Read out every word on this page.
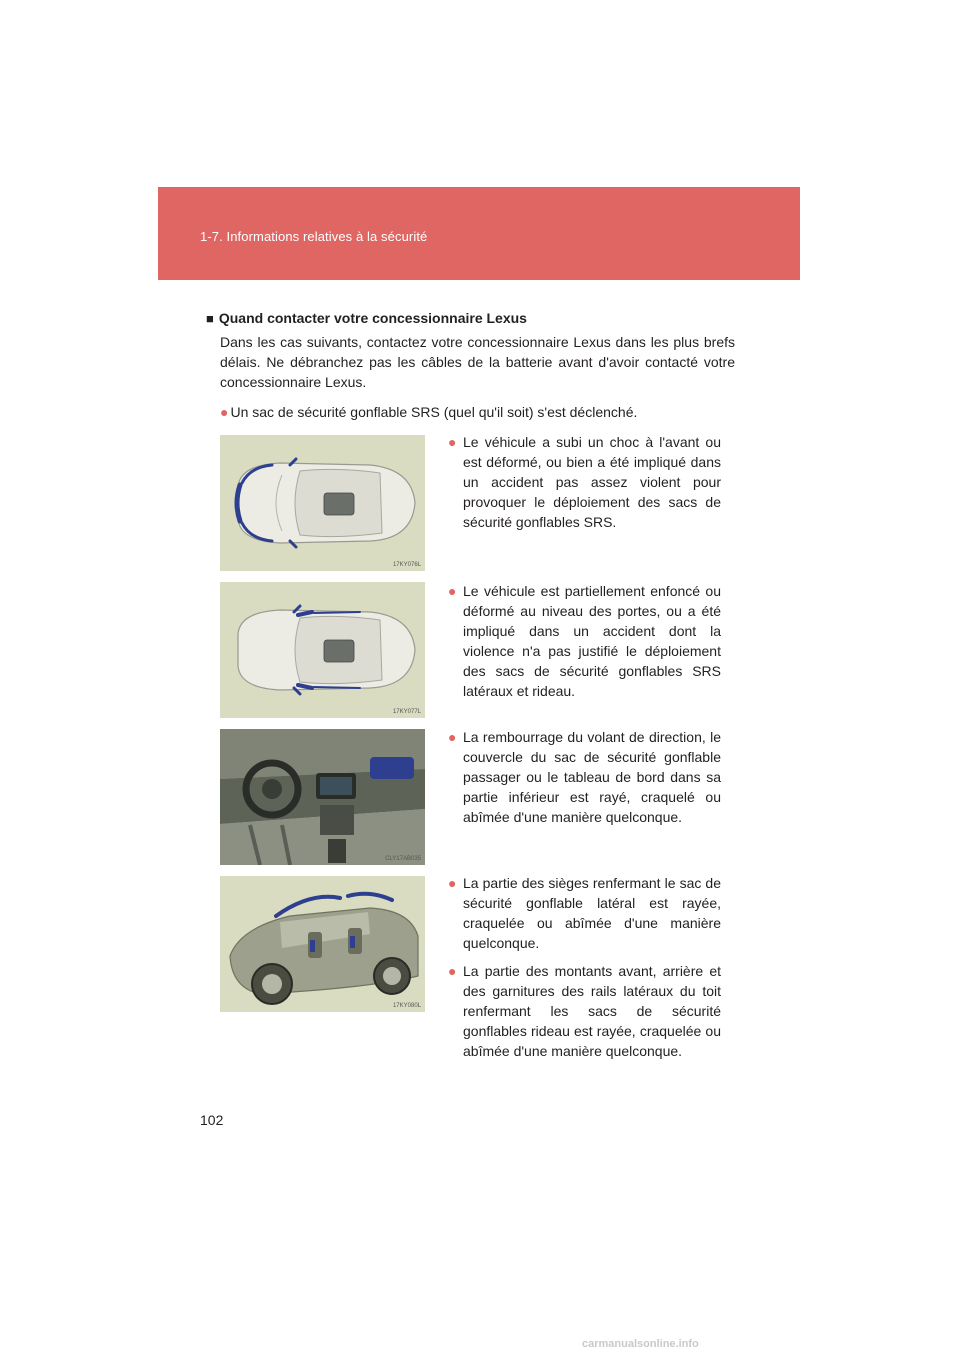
1-7. Informations relatives à la sécurité
■ Quand contacter votre concessionnaire Lexus
Dans les cas suivants, contactez votre concessionnaire Lexus dans les plus brefs délais. Ne débranchez pas les câbles de la batterie avant d'avoir contacté votre concessionnaire Lexus.
● Un sac de sécurité gonflable SRS (quel qu'il soit) s'est déclenché.
17KY076L
17KY077L
CLY17AB035
17KY080L
● Le véhicule a subi un choc à l'avant ou est déformé, ou bien a été impliqué dans un accident pas assez violent pour provoquer le déploiement des sacs de sécurité gonflables SRS.
● Le véhicule est partiellement enfoncé ou déformé au niveau des portes, ou a été impliqué dans un accident dont la violence n'a pas justifié le déploiement des sacs de sécurité gonflables SRS latéraux et rideau.
● La rembourrage du volant de direction, le couvercle du sac de sécurité gonflable passager ou le tableau de bord dans sa partie inférieur est rayé, craquelé ou abîmée d'une manière quelconque.
● La partie des sièges renfermant le sac de sécurité gonflable latéral est rayée, craquelée ou abîmée d'une manière quelconque.
● La partie des montants avant, arrière et des garnitures des rails latéraux du toit renfermant les sacs de sécurité gonflables rideau est rayée, craquelée ou abîmée d'une manière quelconque.
102
carmanualsonline.info
